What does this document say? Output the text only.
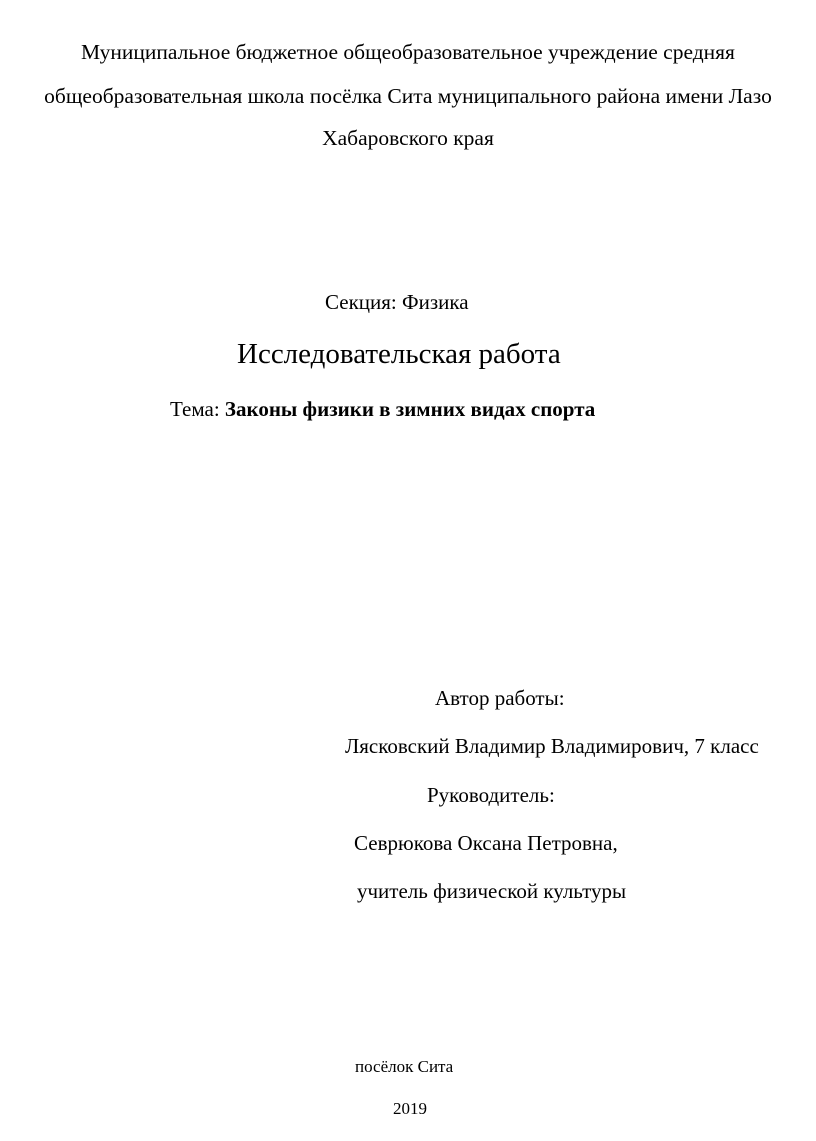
Муниципальное бюджетное общеобразовательное учреждение средняя
общеобразовательная школа посёлка Сита муниципального района имени Лазо
Хабаровского края
Секция: Физика
Исследовательская работа
Тема: Законы физики в зимних видах спорта
Автор работы:
Лясковский Владимир Владимирович, 7 класс
Руководитель:
Севрюкова Оксана Петровна,
учитель физической культуры
посёлок Сита
2019
